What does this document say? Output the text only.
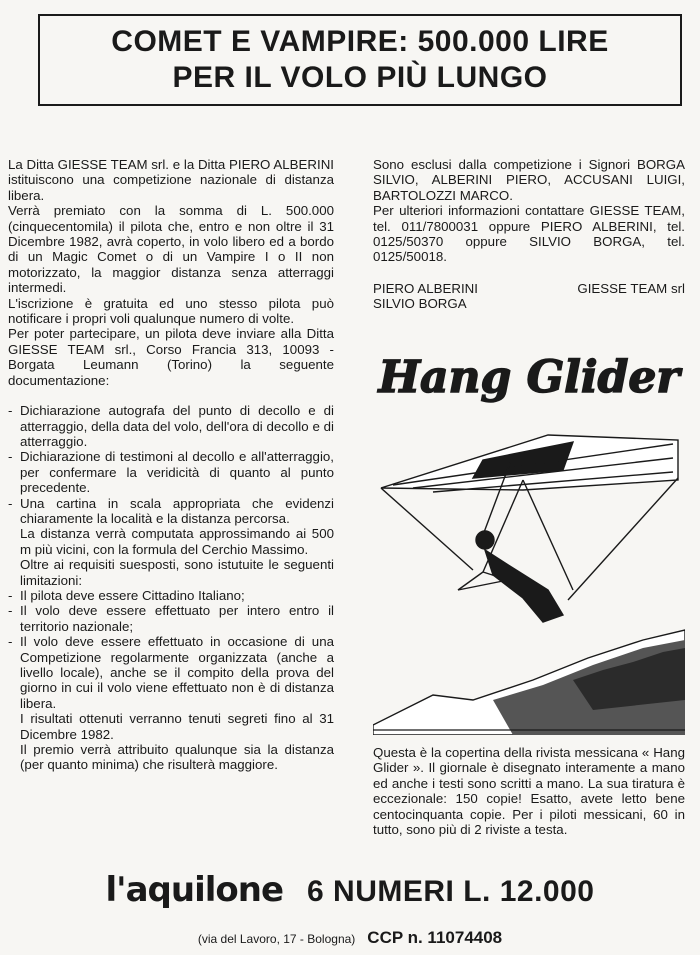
COMET E VAMPIRE: 500.000 LIRE
PER IL VOLO PIÙ LUNGO

La Ditta GIESSE TEAM srl. e la Ditta PIERO ALBERINI istituiscono una competizione nazionale di distanza libera.

Verrà premiato con la somma di L. 500.000 (cinquecentomila) il pilota che, entro e non oltre il 31 Dicembre 1982, avrà coperto, in volo libero ed a bordo di un Magic Comet o di un Vampire I o II non motorizzato, la maggior distanza senza atterraggi intermedi.

L'iscrizione è gratuita ed uno stesso pilota può notificare i propri voli qualunque numero di volte.

Per poter partecipare, un pilota deve inviare alla Ditta GIESSE TEAM srl., Corso Francia 313, 10093 - Borgata Leumann (Torino) la seguente documentazione:

- Dichiarazione autografa del punto di decollo e di atterraggio, della data del volo, dell'ora di decollo e di atterraggio.

- Dichiarazione di testimoni al decollo e all'atterraggio, per confermare la veridicità di quanto al punto precedente.

- Una cartina in scala appropriata che evidenzi chiaramente la località e la distanza percorsa.

La distanza verrà computata approssimando ai 500 m più vicini, con la formula del Cerchio Massimo.

Oltre ai requisiti suesposti, sono istutuite le seguenti limitazioni:

- Il pilota deve essere Cittadino Italiano;

- Il volo deve essere effettuato per intero entro il territorio nazionale;

- Il volo deve essere effettuato in occasione di una Competizione regolarmente organizzata (anche a livello locale), anche se il compito della prova del giorno in cui il volo viene effettuato non è di distanza libera.

I risultati ottenuti verranno tenuti segreti fino al 31 Dicembre 1982.

Il premio verrà attribuito qualunque sia la distanza (per quanto minima) che risulterà maggiore.

Sono esclusi dalla competizione i Signori BORGA SILVIO, ALBERINI PIERO, ACCUSANI LUIGI, BARTOLOZZI MARCO.

Per ulteriori informazioni contattare GIESSE TEAM, tel. 011/7800031 oppure PIERO ALBERINI, tel. 0125/50370 oppure SILVIO BORGA, tel. 0125/50018.

PIERO ALBERINI
SILVIO BORGA
GIESSE TEAM srl
Hang Glider
Questa è la copertina della rivista messicana « Hang Glider ». Il giornale è disegnato interamente a mano ed anche i testi sono scritti a mano. La sua tiratura è eccezionale: 150 copie! Esatto, avete letto bene centocinquanta copie. Per i piloti messicani, 60 in tutto, sono più di 2 riviste a testa.
l'aquilone 6 NUMERI L. 12.000
(via del Lavoro, 17 - Bologna) CCP n. 11074408
